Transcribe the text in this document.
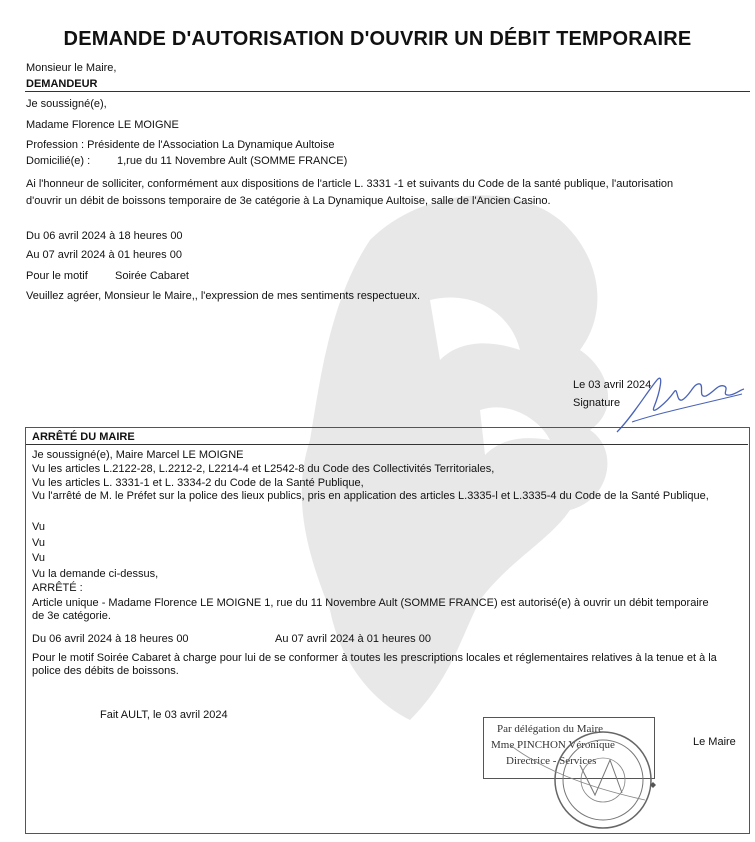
DEMANDE D'AUTORISATION D'OUVRIR UN DÉBIT TEMPORAIRE
Monsieur le Maire,
DEMANDEUR
Je soussigné(e),
Madame Florence LE MOIGNE
Profession : Présidente de l'Association La Dynamique Aultoise
Domicilié(e) : 1,rue du 11 Novembre Ault (SOMME FRANCE)
Ai l'honneur de solliciter, conformément aux dispositions de l'article L. 3331 -1 et suivants du Code de la santé publique, l'autorisation
d'ouvrir un débit de boissons temporaire de 3e catégorie à La Dynamique Aultoise, salle de l'Ancien Casino.
Du 06 avril 2024 à 18 heures 00
Au 07 avril 2024 à 01 heures 00
Pour le motif Soirée Cabaret
Veuillez agréer, Monsieur le Maire,, l'expression de mes sentiments respectueux.
Le 03 avril 2024
Signature
ARRÊTÉ DU MAIRE
Je soussigné(e), Maire Marcel LE MOIGNE
Vu les articles L.2122-28, L.2212-2, L2214-4 et L2542-8 du Code des Collectivités Territoriales,
Vu les articles L. 3331-1 et L. 3334-2 du Code de la Santé Publique,
Vu l'arrêté de M. le Préfet sur la police des lieux publics, pris en application des articles L.3335-l et L.3335-4 du Code de la Santé Publique,
Vu
Vu
Vu
Vu la demande ci-dessus,
ARRÊTÉ :
Article unique - Madame Florence LE MOIGNE 1, rue du 11 Novembre Ault (SOMME FRANCE) est autorisé(e) à ouvrir un débit temporaire de 3e catégorie.
Du 06 avril 2024 à 18 heures 00	Au 07 avril 2024 à 01 heures 00
Pour le motif Soirée Cabaret à charge pour lui de se conformer à toutes les prescriptions locales et réglementaires relatives à la tenue et à la police des débits de boissons.
Fait AULT, le 03 avril 2024
Le Maire
Par délégation du Maire
Mme PINCHON Véronique
Directrice - Services
